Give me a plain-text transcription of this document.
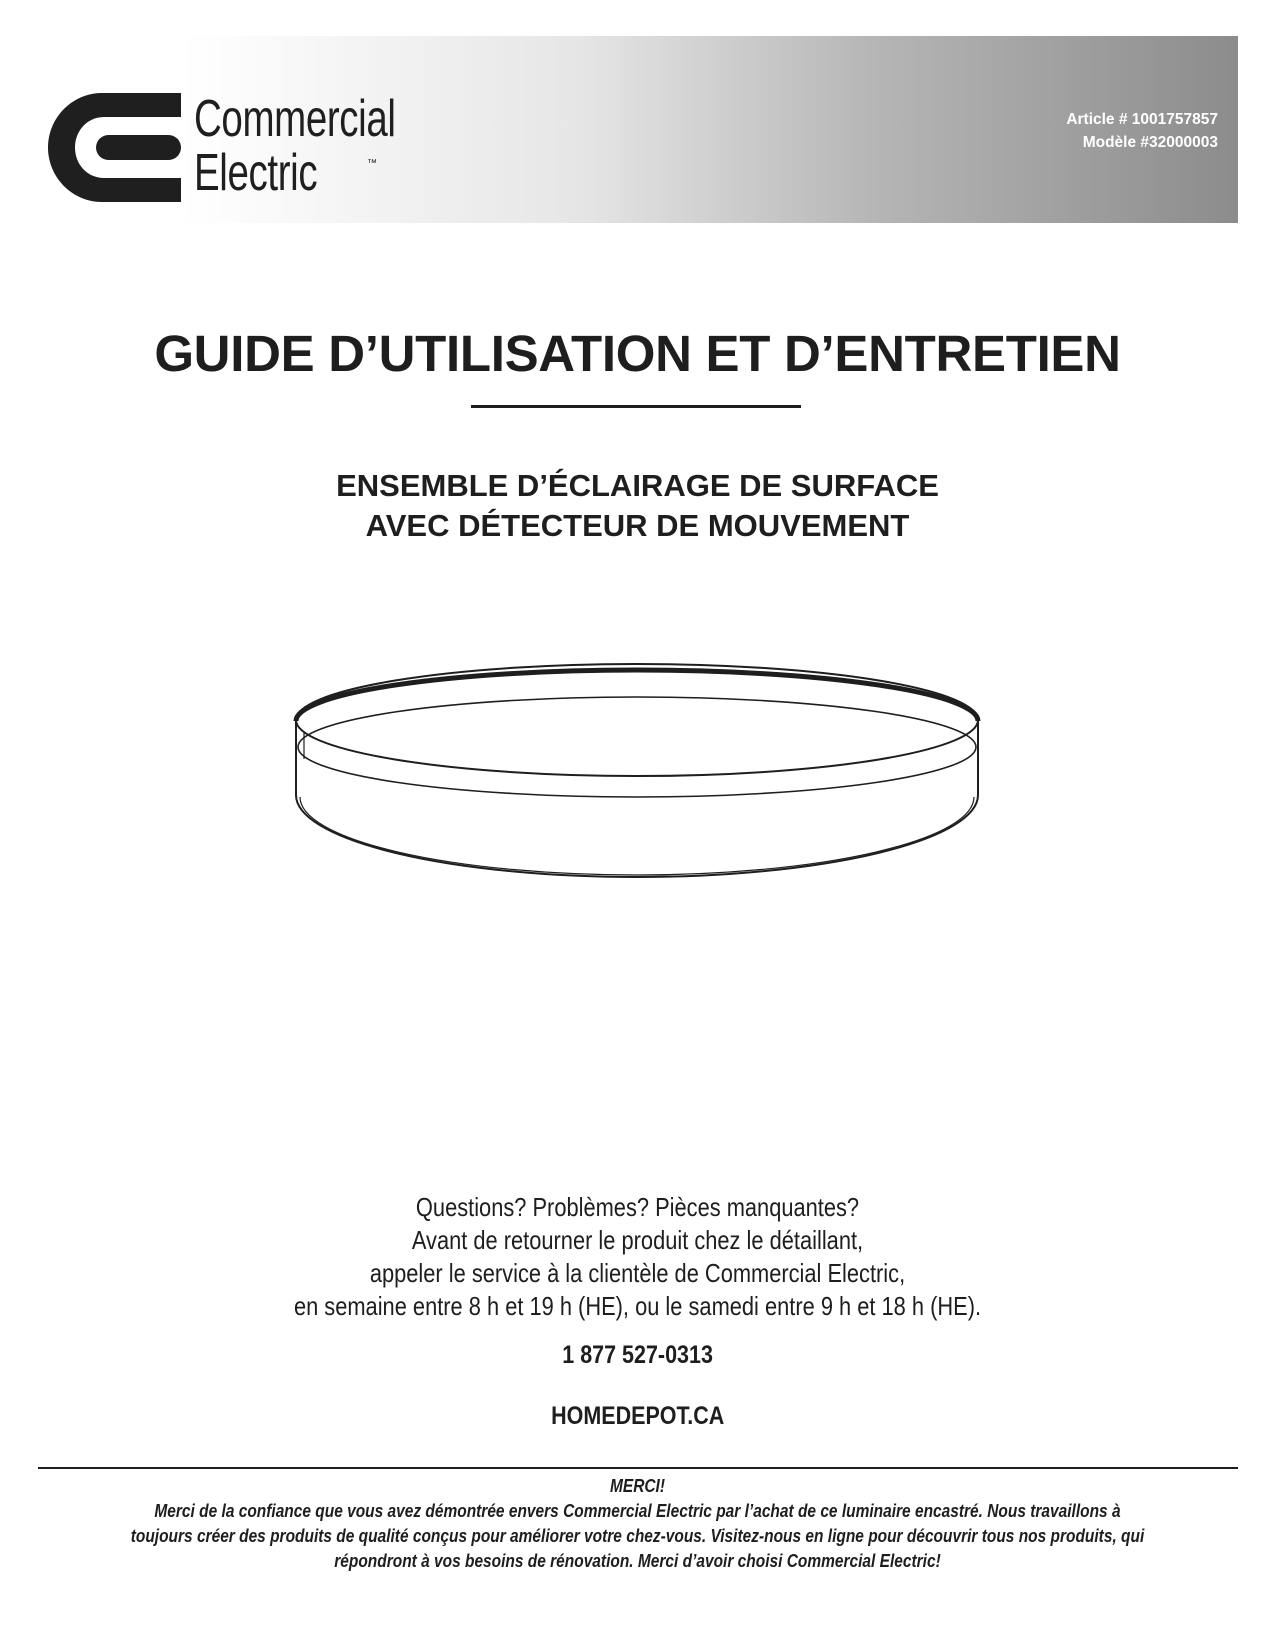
Commercial
Electric	™
Article # 1001757857
Modèle #32000003
GUIDE D’UTILISATION ET D’ENTRETIEN
ENSEMBLE D’ÉCLAIRAGE DE SURFACE
AVEC DÉTECTEUR DE MOUVEMENT
Questions? Problèmes? Pièces manquantes?
Avant de retourner le produit chez le détaillant,
appeler le service à la clientèle de Commercial Electric,
en semaine entre 8 h et 19 h (HE), ou le samedi entre 9 h et 18 h (HE).
1 877 527-0313
HOMEDEPOT.CA
MERCI!
Merci de la confiance que vous avez démontrée envers Commercial Electric par l’achat de ce luminaire encastré. Nous travaillons à
toujours créer des produits de qualité conçus pour améliorer votre chez-vous. Visitez-nous en ligne pour découvrir tous nos produits, qui
répondront à vos besoins de rénovation. Merci d’avoir choisi Commercial Electric!
